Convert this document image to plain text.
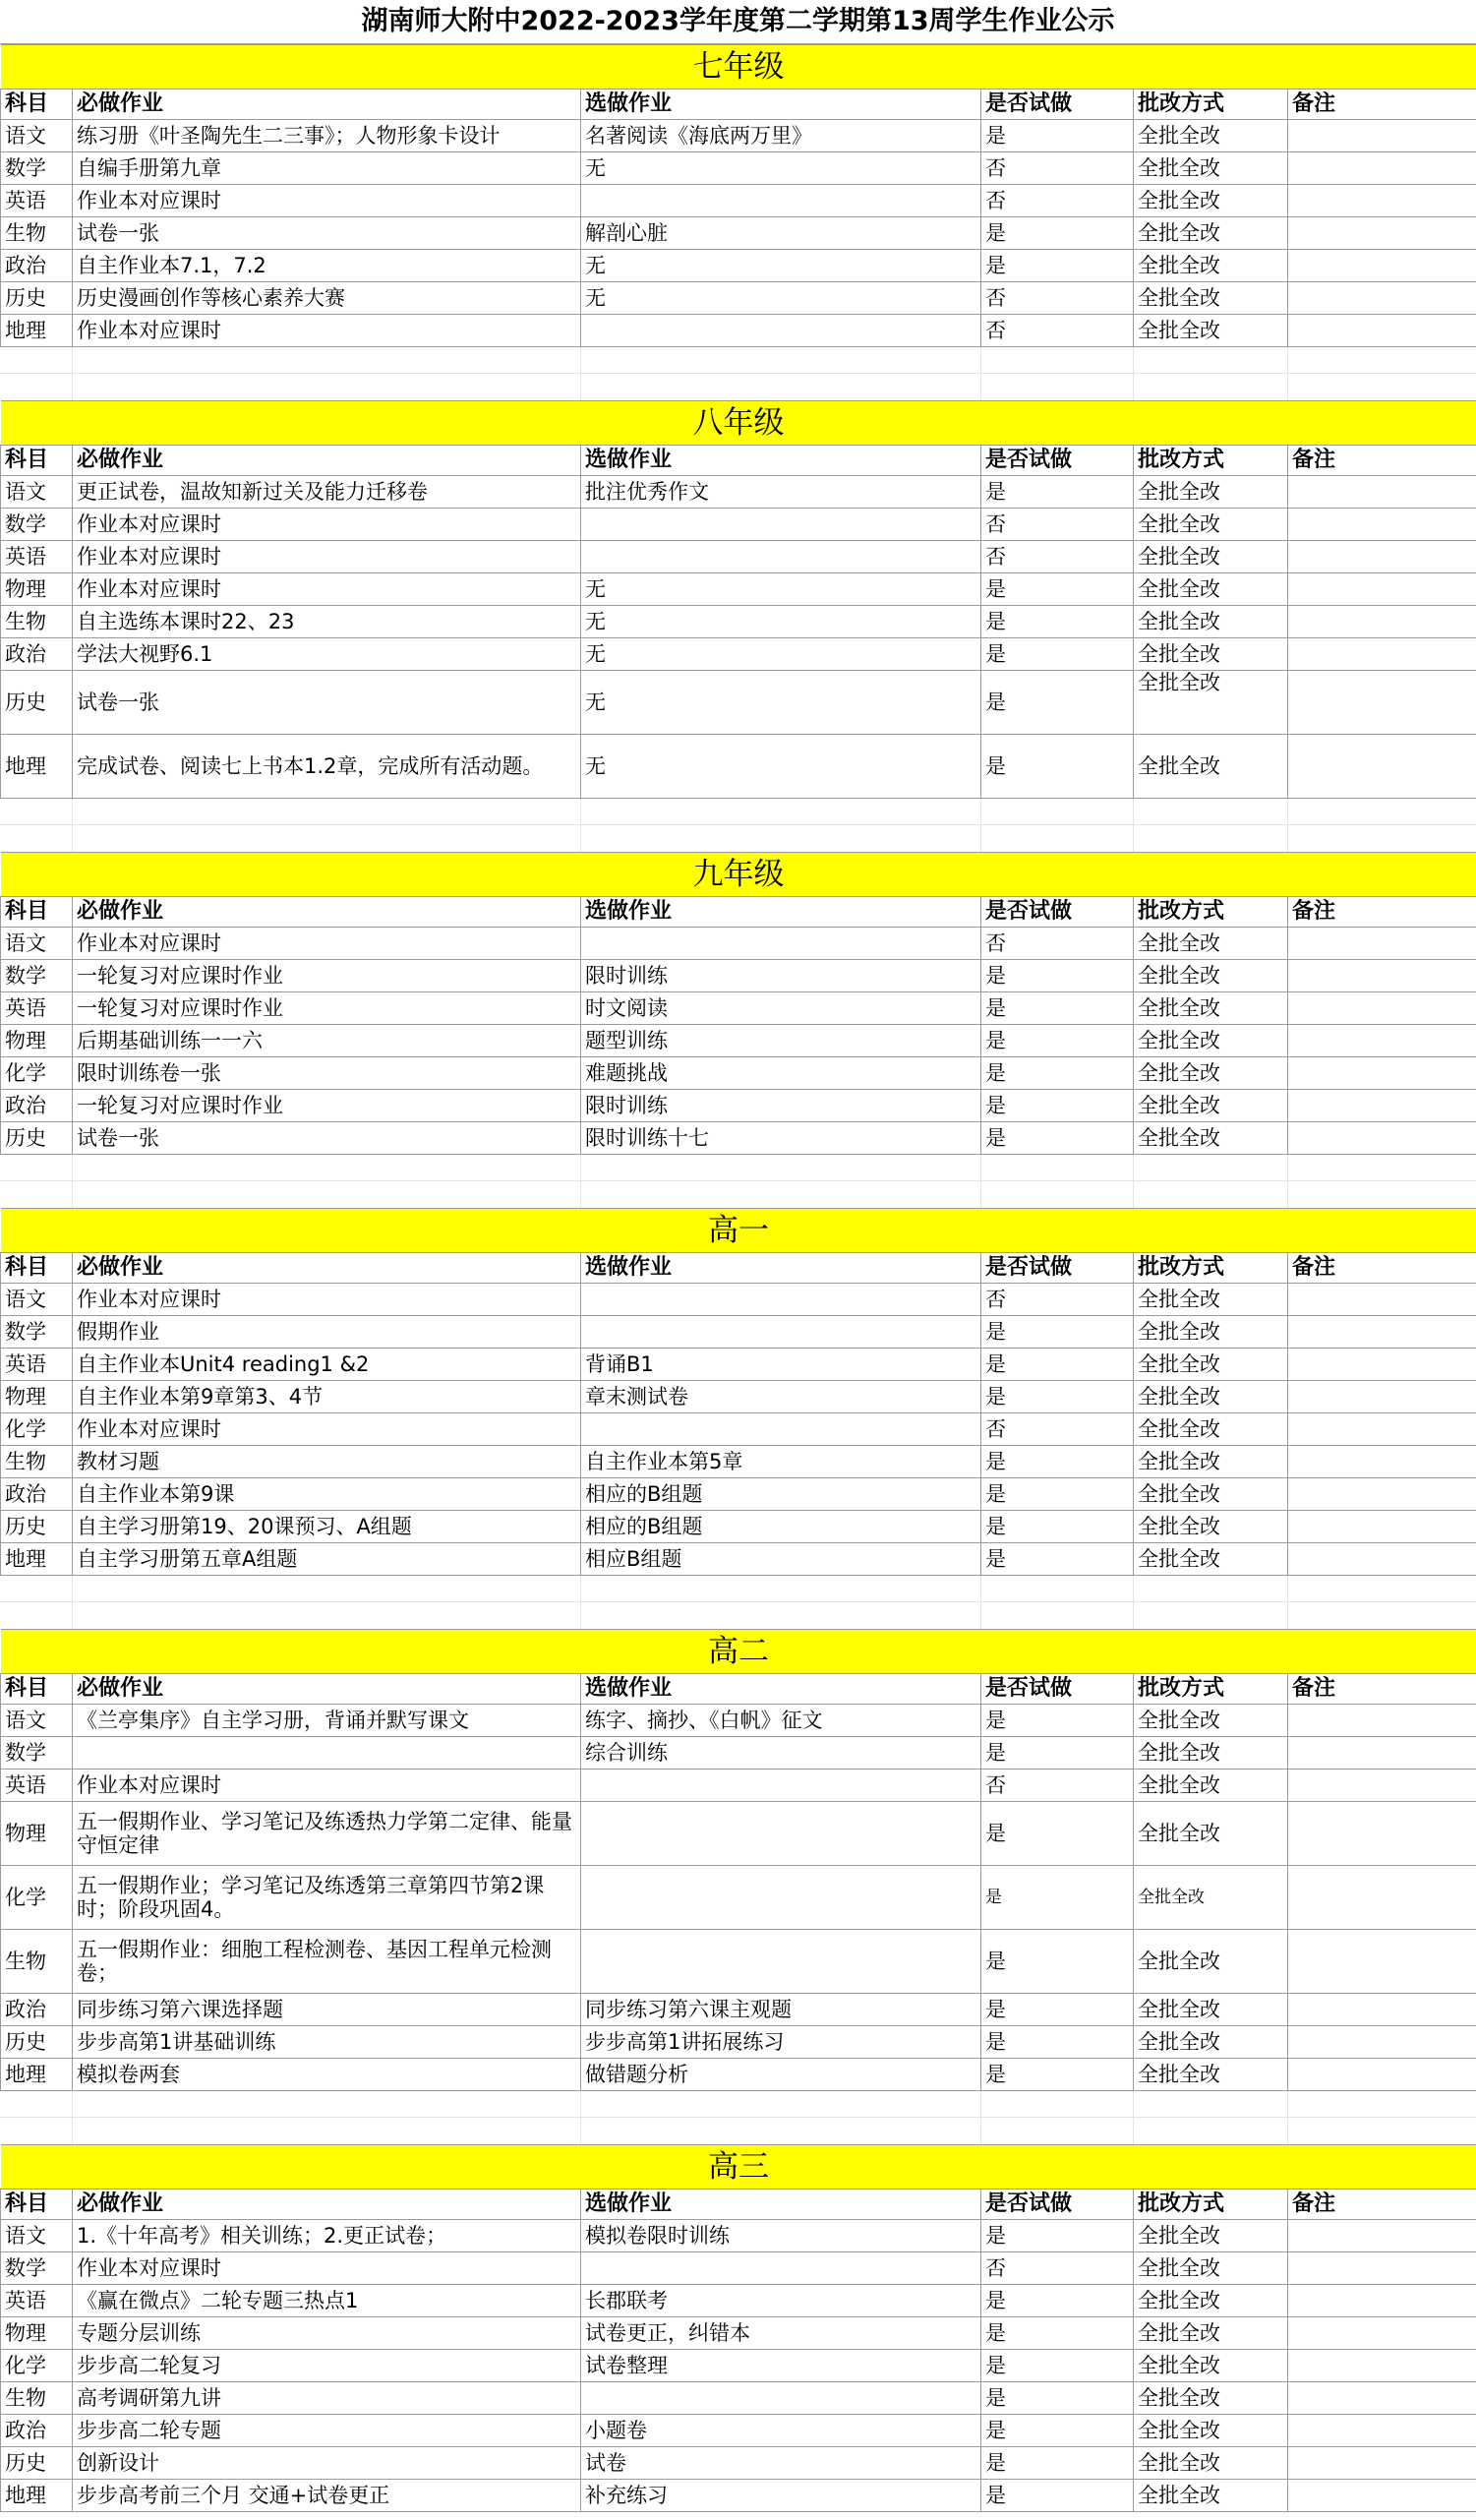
湖南师大附中2022-2023学年度第二学期第13周学生作业公示
七年级					
科目	必做作业	选做作业	是否试做	批改方式	备注
语文	练习册《叶圣陶先生二三事》；人物形象卡设计	名著阅读《海底两万里》	是	全批全改	
数学	自编手册第九章	无	否	全批全改	
英语	作业本对应课时		否	全批全改	
生物	试卷一张	解剖心脏	是	全批全改	
政治	自主作业本7.1，7.2	无	是	全批全改	
历史	历史漫画创作等核心素养大赛	无	否	全批全改	
地理	作业本对应课时		否	全批全改	
八年级					
科目	必做作业	选做作业	是否试做	批改方式	备注
语文	更正试卷，温故知新过关及能力迁移卷	批注优秀作文	是	全批全改	
数学	作业本对应课时		否	全批全改	
英语	作业本对应课时		否	全批全改	
物理	作业本对应课时	无	是	全批全改	
生物	自主选练本课时22、23	无	是	全批全改	
政治	学法大视野6.1	无	是	全批全改	
历史	试卷一张	无	是	全批全改	
地理	完成试卷、阅读七上书本1.2章，完成所有活动题。	无	是	全批全改	
九年级					
科目	必做作业	选做作业	是否试做	批改方式	备注
语文	作业本对应课时		否	全批全改	
数学	一轮复习对应课时作业	限时训练	是	全批全改	
英语	一轮复习对应课时作业	时文阅读	是	全批全改	
物理	后期基础训练一一六	题型训练	是	全批全改	
化学	限时训练卷一张	难题挑战	是	全批全改	
政治	一轮复习对应课时作业	限时训练	是	全批全改	
历史	试卷一张	限时训练十七	是	全批全改	
高一					
科目	必做作业	选做作业	是否试做	批改方式	备注
语文	作业本对应课时		否	全批全改	
数学	假期作业		是	全批全改	
英语	自主作业本Unit4 reading1 &2	背诵B1	是	全批全改	
物理	自主作业本第9章第3、4节	章末测试卷	是	全批全改	
化学	作业本对应课时		否	全批全改	
生物	教材习题	自主作业本第5章	是	全批全改	
政治	自主作业本第9课	相应的B组题	是	全批全改	
历史	自主学习册第19、20课预习、A组题	相应的B组题	是	全批全改	
地理	自主学习册第五章A组题	相应B组题	是	全批全改	
高二					
科目	必做作业	选做作业	是否试做	批改方式	备注
语文	《兰亭集序》自主学习册，背诵并默写课文	练字、摘抄、《白帆》征文	是	全批全改	
数学		综合训练	是	全批全改	
英语	作业本对应课时		否	全批全改	
物理	五一假期作业、学习笔记及练透热力学第二定律、能量守恒定律		是	全批全改	
化学	五一假期作业；学习笔记及练透第三章第四节第2课时；阶段巩固4。		是	全批全改	
生物	五一假期作业：细胞工程检测卷、基因工程单元检测卷；		是	全批全改	
政治	同步练习第六课选择题	同步练习第六课主观题	是	全批全改	
历史	步步高第1讲基础训练	步步高第1讲拓展练习	是	全批全改	
地理	模拟卷两套	做错题分析	是	全批全改	
高三					
科目	必做作业	选做作业	是否试做	批改方式	备注
语文	1.《十年高考》相关训练；2.更正试卷；	模拟卷限时训练	是	全批全改	
数学	作业本对应课时		否	全批全改	
英语	《赢在微点》二轮专题三热点1	长郡联考	是	全批全改	
物理	专题分层训练	试卷更正，纠错本	是	全批全改	
化学	步步高二轮复习	试卷整理	是	全批全改	
生物	高考调研第九讲		是	全批全改	
政治	步步高二轮专题	小题卷	是	全批全改	
历史	创新设计	试卷	是	全批全改	
地理	步步高考前三个月 交通+试卷更正	补充练习	是	全批全改	
